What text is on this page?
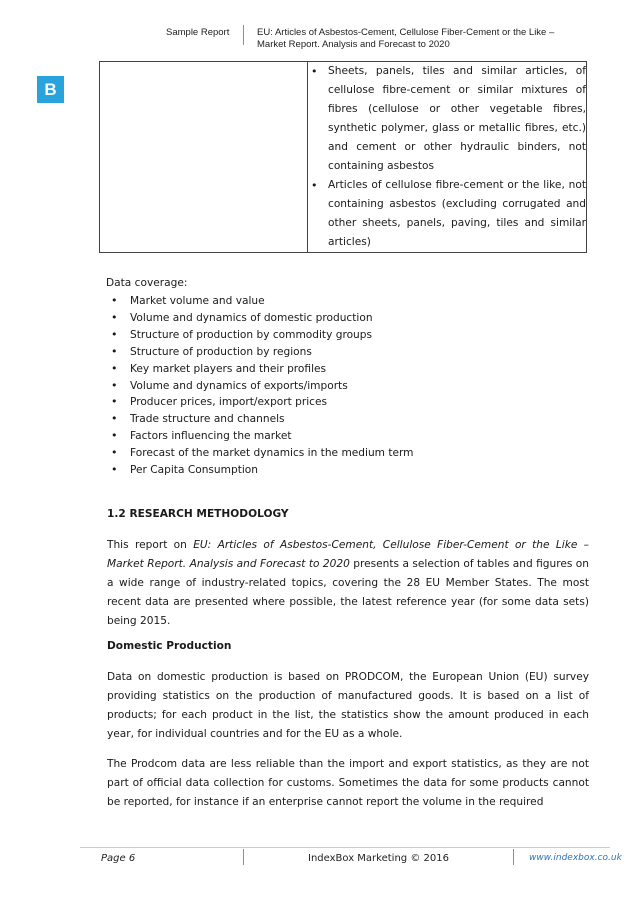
Sample Report	EU: Articles of Asbestos-Cement, Cellulose Fiber-Cement or the Like –
Market Report. Analysis and Forecast to 2020
B

• Sheets, panels, tiles and similar articles, of cellulose fibre-cement or similar mixtures of fibres (cellulose or other vegetable fibres, synthetic polymer, glass or metallic fibres, etc.) and cement or other hydraulic binders, not containing asbestos
• Articles of cellulose fibre-cement or the like, not containing asbestos (excluding corrugated and other sheets, panels, paving, tiles and similar articles)
Data coverage:
• Market volume and value
• Volume and dynamics of domestic production
• Structure of production by commodity groups
• Structure of production by regions
• Key market players and their profiles
• Volume and dynamics of exports/imports
• Producer prices, import/export prices
• Trade structure and channels
• Factors influencing the market
• Forecast of the market dynamics in the medium term
• Per Capita Consumption
1.2 RESEARCH METHODOLOGY
This report on EU: Articles of Asbestos-Cement, Cellulose Fiber-Cement or the Like – Market Report. Analysis and Forecast to 2020 presents a selection of tables and figures on a wide range of industry-related topics, covering the 28 EU Member States. The most recent data are presented where possible, the latest reference year (for some data sets) being 2015.
Domestic Production
Data on domestic production is based on PRODCOM, the European Union (EU) survey providing statistics on the production of manufactured goods. It is based on a list of products; for each product in the list, the statistics show the amount produced in each year, for individual countries and for the EU as a whole.
The Prodcom data are less reliable than the import and export statistics, as they are not part of official data collection for customs. Sometimes the data for some products cannot be reported, for instance if an enterprise cannot report the volume in the required
Page 6	IndexBox Marketing © 2016	www.indexbox.co.uk
